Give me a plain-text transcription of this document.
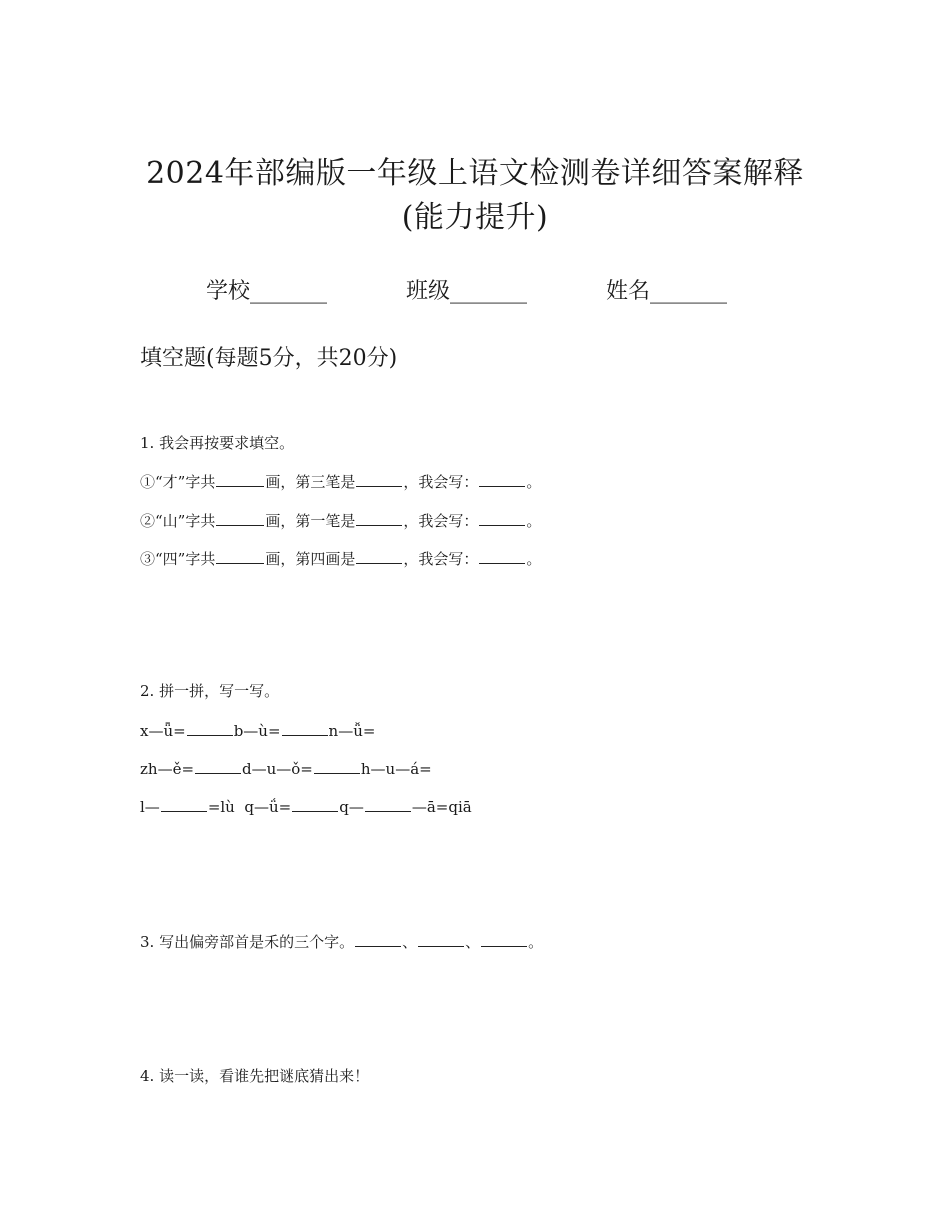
2024年部编版一年级上语文检测卷详细答案解释
(能力提升)
学校_______	班级_______	姓名_______
填空题(每题5分，共20分)
1. 我会再按要求填空。
①“才”字共	画，第三笔是	，我会写：	。
②“山”字共	画，第一笔是	，我会写：	。
③“四”字共	画，第四画是	，我会写：	。
2. 拼一拼，写一写。
x—ǖ=	b—ù=	n—ǚ=
zh—ě=	d—u—ǒ=	h—u—á=
l—	=lù  q—ǘ=	q—	—ā=qiā
3. 写出偏旁部首是禾的三个字。	、	、	。
4. 读一读，看谁先把谜底猜出来！
